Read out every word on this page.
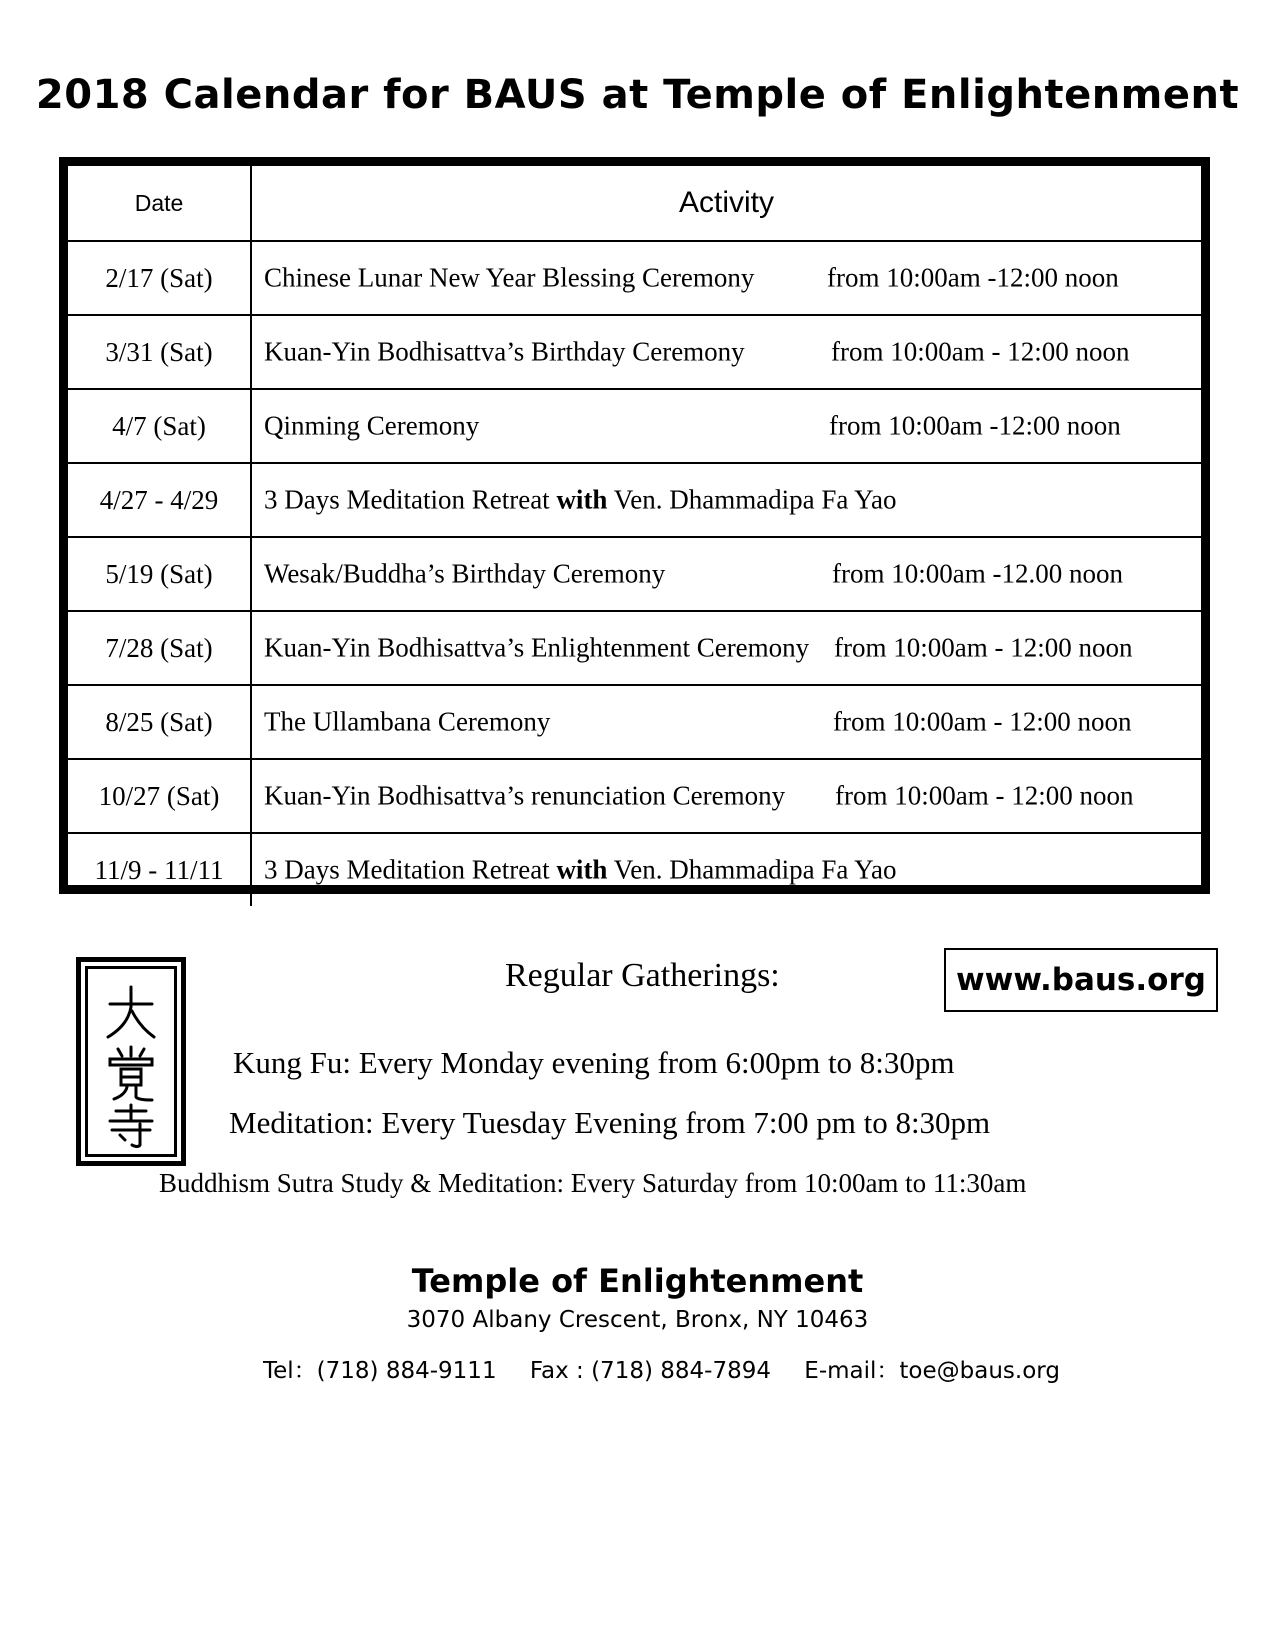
2018 Calendar for BAUS at Temple of Enlightenment
Date	Activity
2/17 (Sat)	Chinese Lunar New Year Blessing Ceremony from 10:00am -12:00 noon

3/31 (Sat)	Kuan-Yin Bodhisattva’s Birthday Ceremony from 10:00am - 12:00 noon

4/7 (Sat)	Qinming Ceremony from 10:00am -12:00 noon

4/27 - 4/29	3 Days Meditation Retreat with Ven. Dhammadipa Fa Yao

5/19 (Sat)	Wesak/Buddha’s Birthday Ceremony from 10:00am -12.00 noon

7/28 (Sat)	Kuan-Yin Bodhisattva’s Enlightenment Ceremony from 10:00am - 12:00 noon

8/25 (Sat)	The Ullambana Ceremony from 10:00am - 12:00 noon

10/27 (Sat)	Kuan-Yin Bodhisattva’s renunciation Ceremony from 10:00am - 12:00 noon

11/9 - 11/11	3 Days Meditation Retreat with Ven. Dhammadipa Fa Yao
Regular Gatherings:	www.baus.org
Kung Fu: Every Monday evening from 6:00pm to 8:30pm
Meditation: Every Tuesday Evening from 7:00 pm to 8:30pm
Buddhism Sutra Study & Meditation: Every Saturday from 10:00am to 11:30am
Temple of Enlightenment
3070 Albany Crescent, Bronx, NY 10463
Tel：(718) 884-9111 Fax : (718) 884-7894 E-mail：toe@baus.org
